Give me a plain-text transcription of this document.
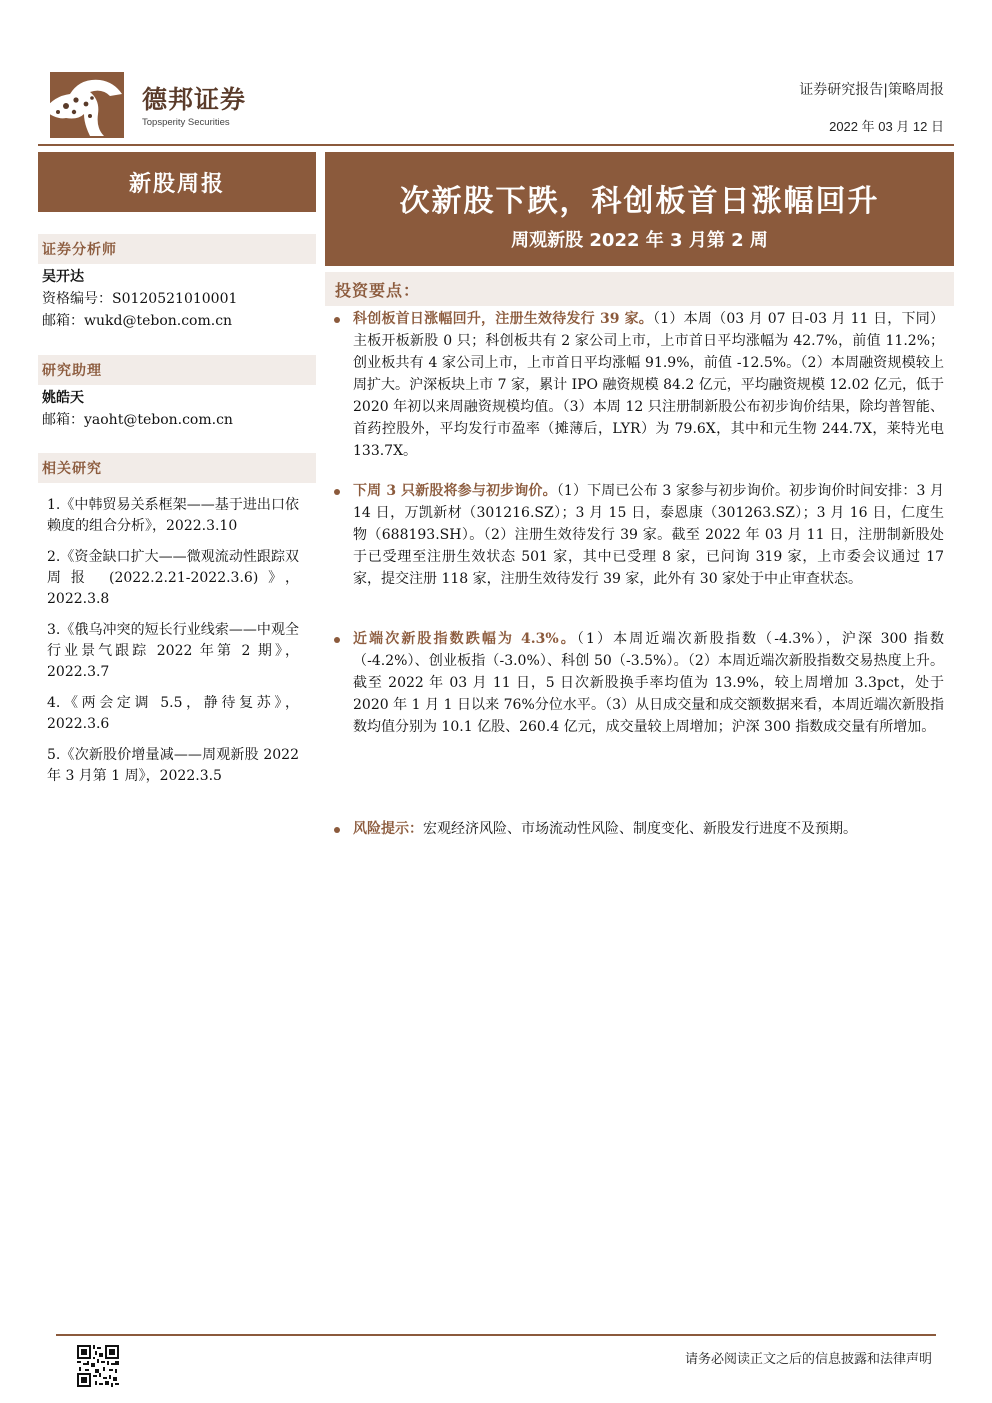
德邦证券
Topsperity Securities
证券研究报告|策略周报
2022 年 03 月 12 日
新股周报
证券分析师
吴开达
资格编号：S0120521010001
邮箱：wukd@tebon.com.cn
研究助理
姚皓天
邮箱：yaoht@tebon.com.cn
相关研究
1.《中韩贸易关系框架——基于进出口依赖度的组合分析》，2022.3.10
2.《资金缺口扩大——微观流动性跟踪双周报 (2022.2.21-2022.3.6)》，2022.3.8
3.《俄乌冲突的短长行业线索——中观全行业景气跟踪 2022 年第 2 期》，2022.3.7
4.《两会定调 5.5，静待复苏》，2022.3.6
5.《次新股价增量减——周观新股 2022 年 3 月第 1 周》，2022.3.5
次新股下跌，科创板首日涨幅回升
周观新股 2022 年 3 月第 2 周
投资要点：
科创板首日涨幅回升，注册生效待发行 39 家。（1）本周（03 月 07 日-03 月 11 日，下同）主板开板新股 0 只；科创板共有 2 家公司上市，上市首日平均涨幅为 42.7%，前值 11.2%；创业板共有 4 家公司上市，上市首日平均涨幅 91.9%，前值 -12.5%。（2）本周融资规模较上周扩大。沪深板块上市 7 家，累计 IPO 融资规模 84.2 亿元，平均融资规模 12.02 亿元，低于 2020 年初以来周融资规模均值。（3）本周 12 只注册制新股公布初步询价结果，除均普智能、首药控股外，平均发行市盈率（摊薄后，LYR）为 79.6X，其中和元生物 244.7X，莱特光电 133.7X。
下周 3 只新股将参与初步询价。（1）下周已公布 3 家参与初步询价。初步询价时间安排：3 月 14 日，万凯新材（301216.SZ）；3 月 15 日，泰恩康（301263.SZ）；3 月 16 日，仁度生物（688193.SH）。（2）注册生效待发行 39 家。截至 2022 年 03 月 11 日，注册制新股处于已受理至注册生效状态 501 家，其中已受理 8 家，已问询 319 家，上市委会议通过 17 家，提交注册 118 家，注册生效待发行 39 家，此外有 30 家处于中止审查状态。
近端次新股指数跌幅为 4.3%。（1）本周近端次新股指数（-4.3%），沪深 300 指数（-4.2%）、创业板指（-3.0%）、科创 50（-3.5%）。（2）本周近端次新股指数交易热度上升。截至 2022 年 03 月 11 日，5 日次新股换手率均值为 13.9%，较上周增加 3.3pct，处于 2020 年 1 月 1 日以来 76%分位水平。（3）从日成交量和成交额数据来看，本周近端次新股指数均值分别为 10.1 亿股、260.4 亿元，成交量较上周增加；沪深 300 指数成交量有所增加。
风险提示：宏观经济风险、市场流动性风险、制度变化、新股发行进度不及预期。
请务必阅读正文之后的信息披露和法律声明
